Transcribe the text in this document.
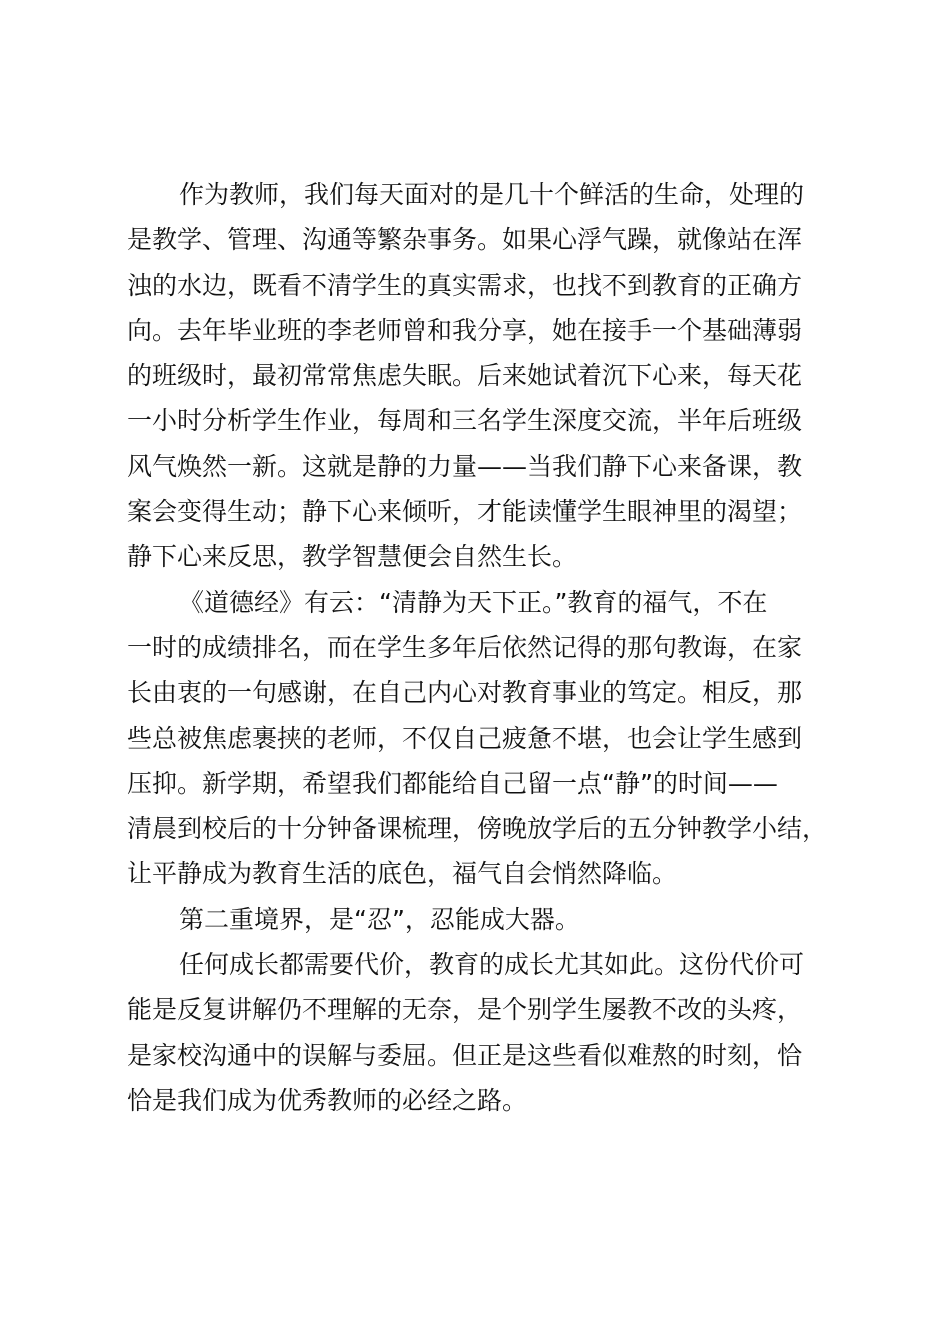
作为教师，我们每天面对的是几十个鲜活的生命，处理的
是教学、管理、沟通等繁杂事务。如果心浮气躁，就像站在浑
浊的水边，既看不清学生的真实需求，也找不到教育的正确方
向。去年毕业班的李老师曾和我分享，她在接手一个基础薄弱
的班级时，最初常常焦虑失眠。后来她试着沉下心来，每天花
一小时分析学生作业，每周和三名学生深度交流，半年后班级
风气焕然一新。这就是静的力量——当我们静下心来备课，教
案会变得生动；静下心来倾听，才能读懂学生眼神里的渴望；
静下心来反思，教学智慧便会自然生长。
《道德经》有云：“清静为天下正。”教育的福气，不在
一时的成绩排名，而在学生多年后依然记得的那句教诲，在家
长由衷的一句感谢，在自己内心对教育事业的笃定。相反，那
些总被焦虑裹挟的老师，不仅自己疲惫不堪，也会让学生感到
压抑。新学期，希望我们都能给自己留一点“静”的时间——
清晨到校后的十分钟备课梳理，傍晚放学后的五分钟教学小结，
让平静成为教育生活的底色，福气自会悄然降临。
第二重境界，是“忍”，忍能成大器。
任何成长都需要代价，教育的成长尤其如此。这份代价可
能是反复讲解仍不理解的无奈，是个别学生屡教不改的头疼，
是家校沟通中的误解与委屈。但正是这些看似难熬的时刻，恰
恰是我们成为优秀教师的必经之路。
